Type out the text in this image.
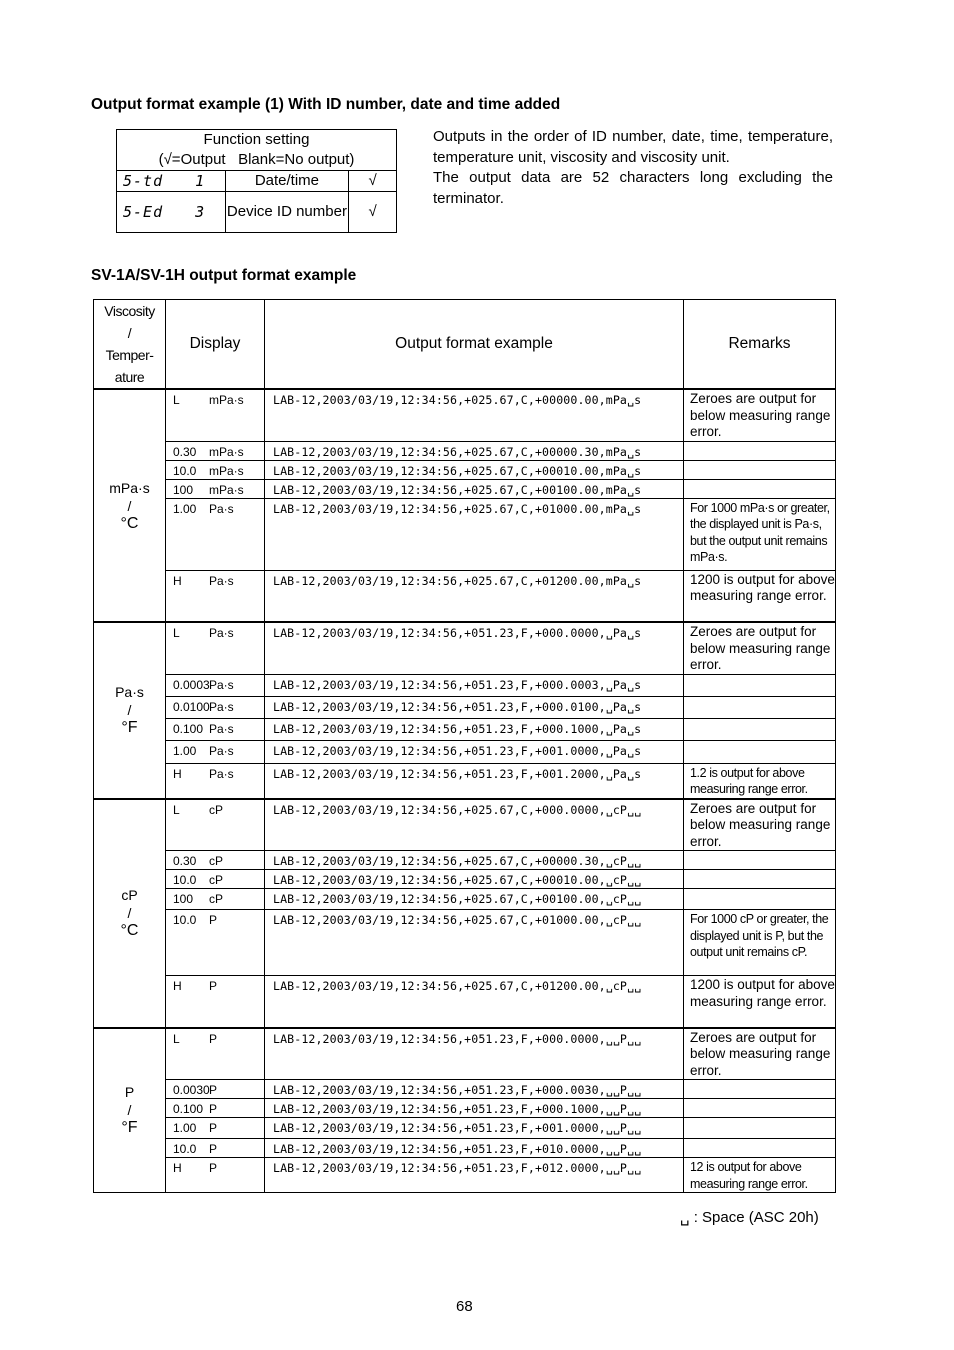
Output format example (1) With ID number, date and time added
Function setting
(√=Output   Blank=No output)		

5-td 1	Date/time	√
5-Ed 3	Device ID number	√

Outputs in the order of ID number, date, time, temperature, temperature unit, viscosity and viscosity unit.

The output data are 52 characters long excluding the terminator.

SV-1A/SV-1H output format example
Viscosity
/
Temper-
ature	Display	Output format example	Remarks

mPa·s
/
°C	L mPa·s	LAB-12,2003/03/19,12:34:56,+025.67,C,+00000.00,mPa␣s	Zeroes are output for below measuring range error.
	0.30 mPa·s	LAB-12,2003/03/19,12:34:56,+025.67,C,+00000.30,mPa␣s	
	10.0 mPa·s	LAB-12,2003/03/19,12:34:56,+025.67,C,+00010.00,mPa␣s	
	100 mPa·s	LAB-12,2003/03/19,12:34:56,+025.67,C,+00100.00,mPa␣s	
	1.00 Pa·s	LAB-12,2003/03/19,12:34:56,+025.67,C,+01000.00,mPa␣s	For 1000 mPa·s or greater, the displayed unit is Pa·s, but the output unit remains mPa·s.
	H Pa·s	LAB-12,2003/03/19,12:34:56,+025.67,C,+01200.00,mPa␣s	1200 is output for above measuring range error.

Pa·s
/
°F	L Pa·s	LAB-12,2003/03/19,12:34:56,+051.23,F,+000.0000,␣Pa␣s	Zeroes are output for below measuring range error.
	0.0003Pa·s	LAB-12,2003/03/19,12:34:56,+051.23,F,+000.0003,␣Pa␣s	
	0.0100Pa·s	LAB-12,2003/03/19,12:34:56,+051.23,F,+000.0100,␣Pa␣s	
	0.100 Pa·s	LAB-12,2003/03/19,12:34:56,+051.23,F,+000.1000,␣Pa␣s	
	1.00 Pa·s	LAB-12,2003/03/19,12:34:56,+051.23,F,+001.0000,␣Pa␣s	
	H Pa·s	LAB-12,2003/03/19,12:34:56,+051.23,F,+001.2000,␣Pa␣s	1.2 is output for above measuring range error.

cP
/
°C	L cP	LAB-12,2003/03/19,12:34:56,+025.67,C,+000.0000,␣cP␣␣	Zeroes are output for below measuring range error.
	0.30 cP	LAB-12,2003/03/19,12:34:56,+025.67,C,+00000.30,␣cP␣␣	
	10.0 cP	LAB-12,2003/03/19,12:34:56,+025.67,C,+00010.00,␣cP␣␣	
	100 cP	LAB-12,2003/03/19,12:34:56,+025.67,C,+00100.00,␣cP␣␣	
	10.0 P	LAB-12,2003/03/19,12:34:56,+025.67,C,+01000.00,␣cP␣␣	For 1000 cP or greater, the displayed unit is P, but the output unit remains cP.
	H P	LAB-12,2003/03/19,12:34:56,+025.67,C,+01200.00,␣cP␣␣	1200 is output for above measuring range error.

P
/
°F	L P	LAB-12,2003/03/19,12:34:56,+051.23,F,+000.0000,␣␣P␣␣	Zeroes are output for below measuring range error.
	0.0030P	LAB-12,2003/03/19,12:34:56,+051.23,F,+000.0030,␣␣P␣␣	
	0.100 P	LAB-12,2003/03/19,12:34:56,+051.23,F,+000.1000,␣␣P␣␣	
	1.00 P	LAB-12,2003/03/19,12:34:56,+051.23,F,+001.0000,␣␣P␣␣	
	10.0 P	LAB-12,2003/03/19,12:34:56,+051.23,F,+010.0000,␣␣P␣␣	
	H P	LAB-12,2003/03/19,12:34:56,+051.23,F,+012.0000,␣␣P␣␣	12 is output for above measuring range error.
␣ : Space (ASC 20h)
68
